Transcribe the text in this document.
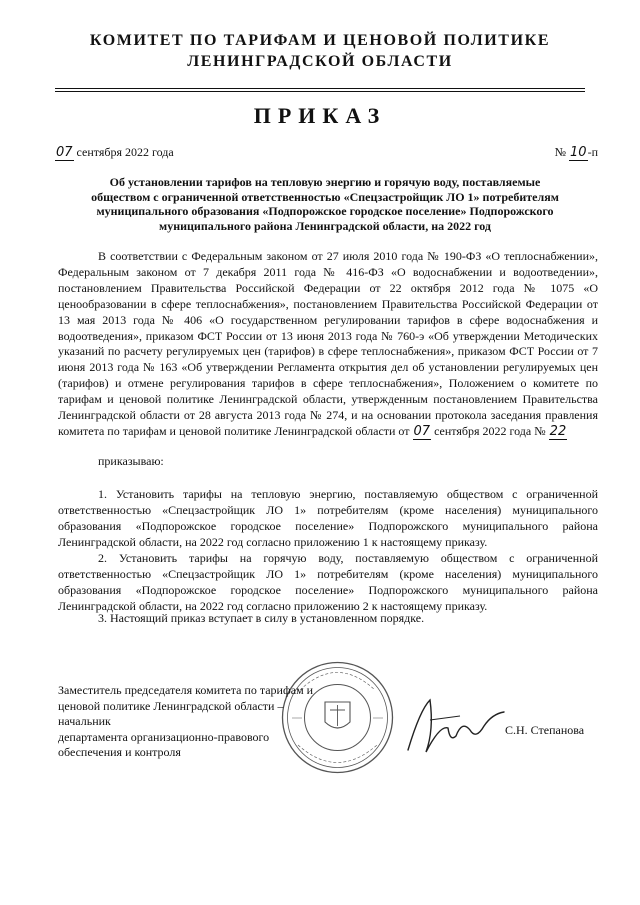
КОМИТЕТ ПО ТАРИФАМ И ЦЕНОВОЙ ПОЛИТИКЕ
ЛЕНИНГРАДСКОЙ ОБЛАСТИ
ПРИКАЗ
07 сентября 2022 года	№ 10-п
Об установлении тарифов на тепловую энергию и горячую воду, поставляемые обществом с ограниченной ответственностью «Спецзастройщик ЛО 1» потребителям муниципального образования «Подпорожское городское поселение» Подпорожского муниципального района Ленинградской области, на 2022 год

В соответствии с Федеральным законом от 27 июля 2010 года № 190-ФЗ «О теплоснабжении», Федеральным законом от 7 декабря 2011 года № 416-ФЗ «О водоснабжении и водоотведении», постановлением Правительства Российской Федерации от 22 октября 2012 года № 1075 «О ценообразовании в сфере теплоснабжения», постановлением Правительства Российской Федерации от 13 мая 2013 года № 406 «О государственном регулировании тарифов в сфере водоснабжения и водоотведения», приказом ФСТ России от 13 июня 2013 года № 760-э «Об утверждении Методических указаний по расчету регулируемых цен (тарифов) в сфере теплоснабжения», приказом ФСТ России от 7 июня 2013 года № 163 «Об утверждении Регламента открытия дел об установлении регулируемых цен (тарифов) и отмене регулирования тарифов в сфере теплоснабжения», Положением о комитете по тарифам и ценовой политике Ленинградской области, утвержденным постановлением Правительства Ленинградской области от 28 августа 2013 года № 274, и на основании протокола заседания правления комитета по тарифам и ценовой политике Ленинградской области от 07 сентября 2022 года № 22

приказываю:

1. Установить тарифы на тепловую энергию, поставляемую обществом с ограниченной ответственностью «Спецзастройщик ЛО 1» потребителям (кроме населения) муниципального образования «Подпорожское городское поселение» Подпорожского муниципального района Ленинградской области, на 2022 год согласно приложению 1 к настоящему приказу.

2. Установить тарифы на горячую воду, поставляемую обществом с ограниченной ответственностью «Спецзастройщик ЛО 1» потребителям (кроме населения) муниципального образования «Подпорожское городское поселение» Подпорожского муниципального района Ленинградской области, на 2022 год согласно приложению 2 к настоящему приказу.

3. Настоящий приказ вступает в силу в установленном порядке.

Заместитель председателя комитета по тарифам и
ценовой политике Ленинградской области – начальник
департамента организационно-правового
обеспечения и контроля
С.Н. Степанова
